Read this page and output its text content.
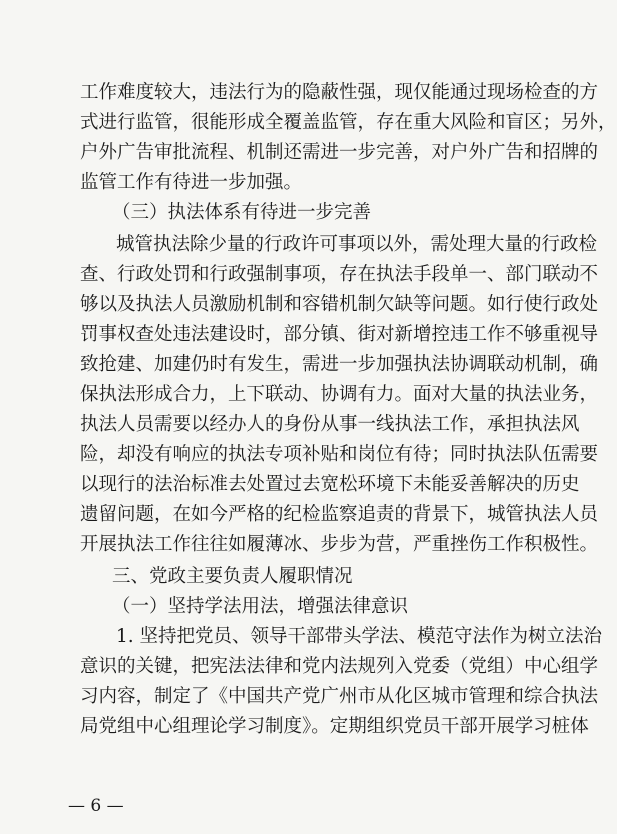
工作难度较大，违法行为的隐蔽性强，现仅能通过现场检查的方
式进行监管，很能形成全覆盖监管，存在重大风险和盲区；另外，
户外广告审批流程、机制还需进一步完善，对户外广告和招牌的
监管工作有待进一步加强。
（三）执法体系有待进一步完善
城管执法除少量的行政许可事项以外，需处理大量的行政检
查、行政处罚和行政强制事项，存在执法手段单一、部门联动不
够以及执法人员激励机制和容错机制欠缺等问题。如行使行政处
罚事权查处违法建设时，部分镇、街对新增控违工作不够重视导
致抢建、加建仍时有发生，需进一步加强执法协调联动机制，确
保执法形成合力，上下联动、协调有力。面对大量的执法业务，
执法人员需要以经办人的身份从事一线执法工作，承担执法风
险，却没有响应的执法专项补贴和岗位有待；同时执法队伍需要
以现行的法治标准去处置过去宽松环境下未能妥善解决的历史
遗留问题，在如今严格的纪检监察追责的背景下，城管执法人员
开展执法工作往往如履薄冰、步步为营，严重挫伤工作积极性。
三、党政主要负责人履职情况
（一）坚持学法用法，增强法律意识
1. 坚持把党员、领导干部带头学法、模范守法作为树立法治
意识的关键，把宪法法律和党内法规列入党委（党组）中心组学
习内容，制定了《中国共产党广州市从化区城市管理和综合执法
局党组中心组理论学习制度》。定期组织党员干部开展学习桩体
— 6 —
